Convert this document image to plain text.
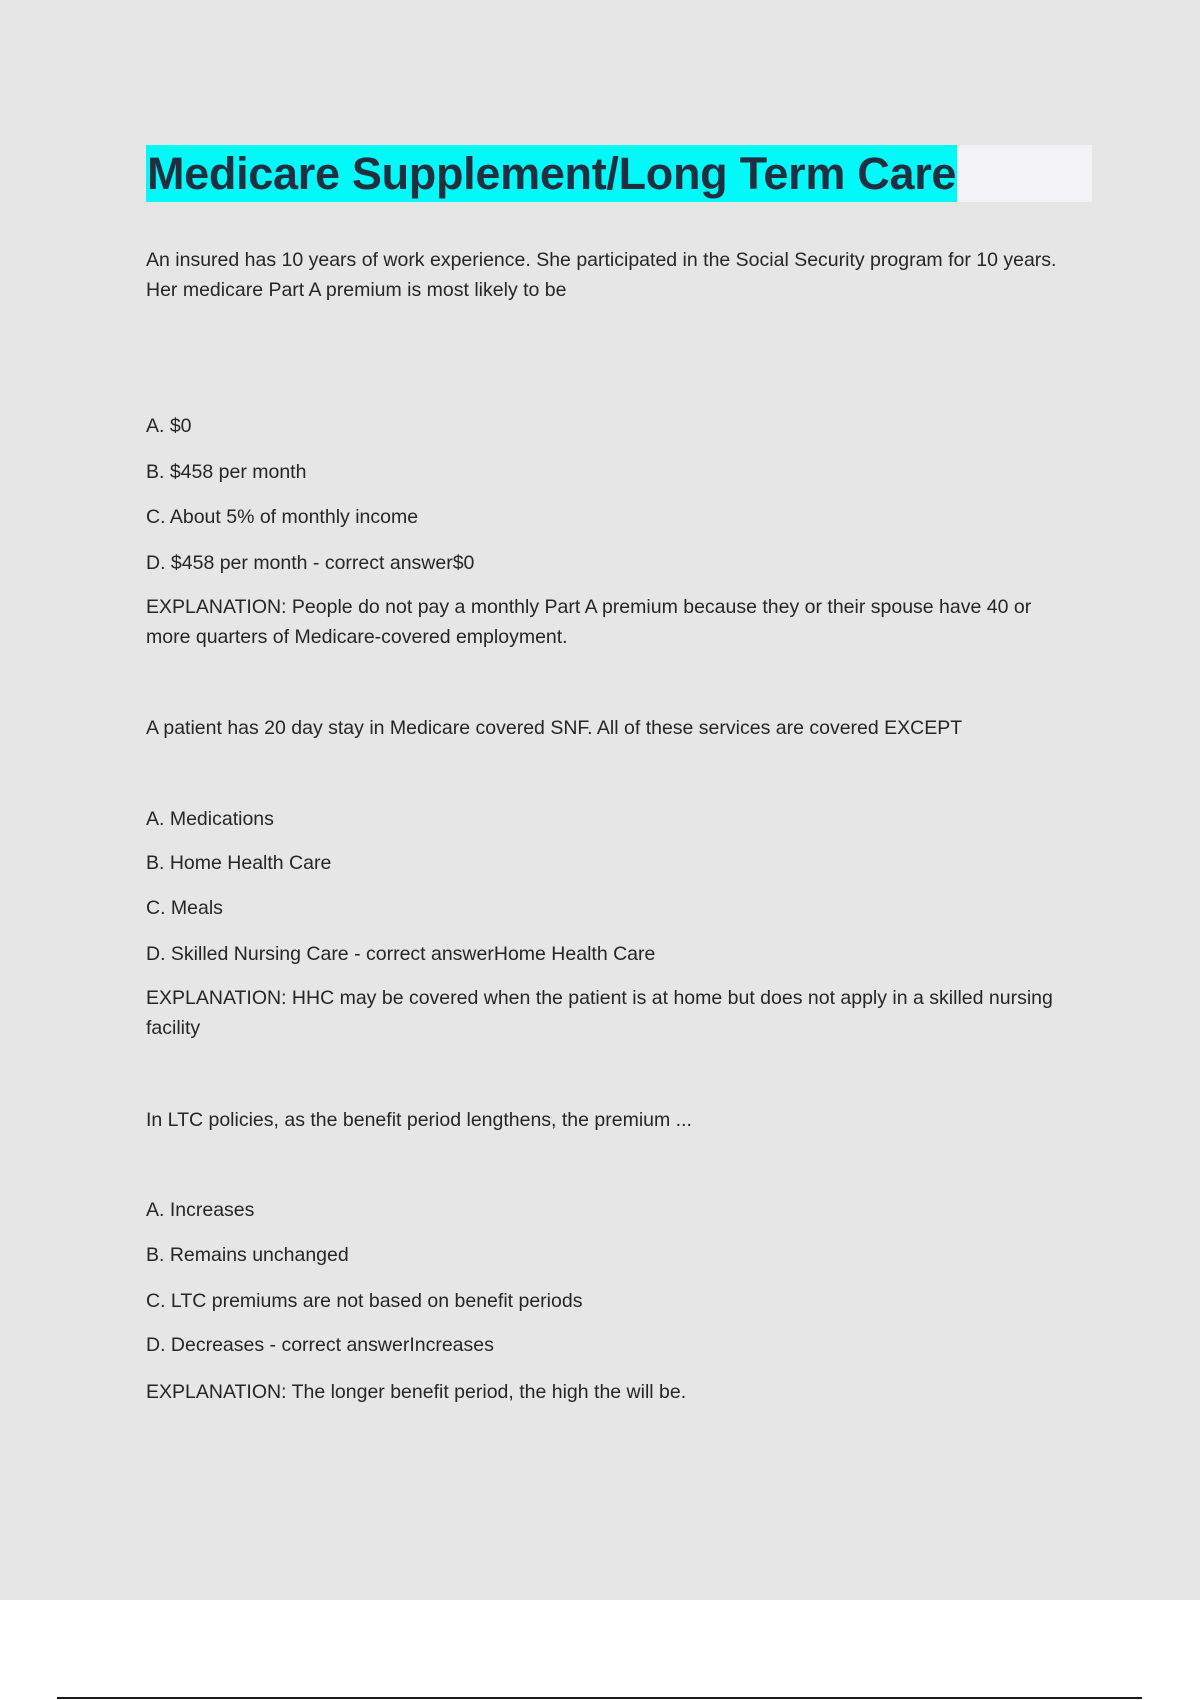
Medicare Supplement/Long Term Care

An insured has 10 years of work experience. She participated in the Social Security program for 10 years.

Her medicare Part A premium is most likely to be

A. $0

B. $458 per month

C. About 5% of monthly income

D. $458 per month - correct answer$0

EXPLANATION: People do not pay a monthly Part A premium because they or their spouse have 40 or

more quarters of Medicare-covered employment.

A patient has 20 day stay in Medicare covered SNF. All of these services are covered EXCEPT

A. Medications

B. Home Health Care

C. Meals

D. Skilled Nursing Care - correct answerHome Health Care

EXPLANATION: HHC may be covered when the patient is at home but does not apply in a skilled nursing

facility

In LTC policies, as the benefit period lengthens, the premium ...

A. Increases

B. Remains unchanged

C. LTC premiums are not based on benefit periods

D. Decreases - correct answerIncreases

EXPLANATION: The longer benefit period, the high the will be.
